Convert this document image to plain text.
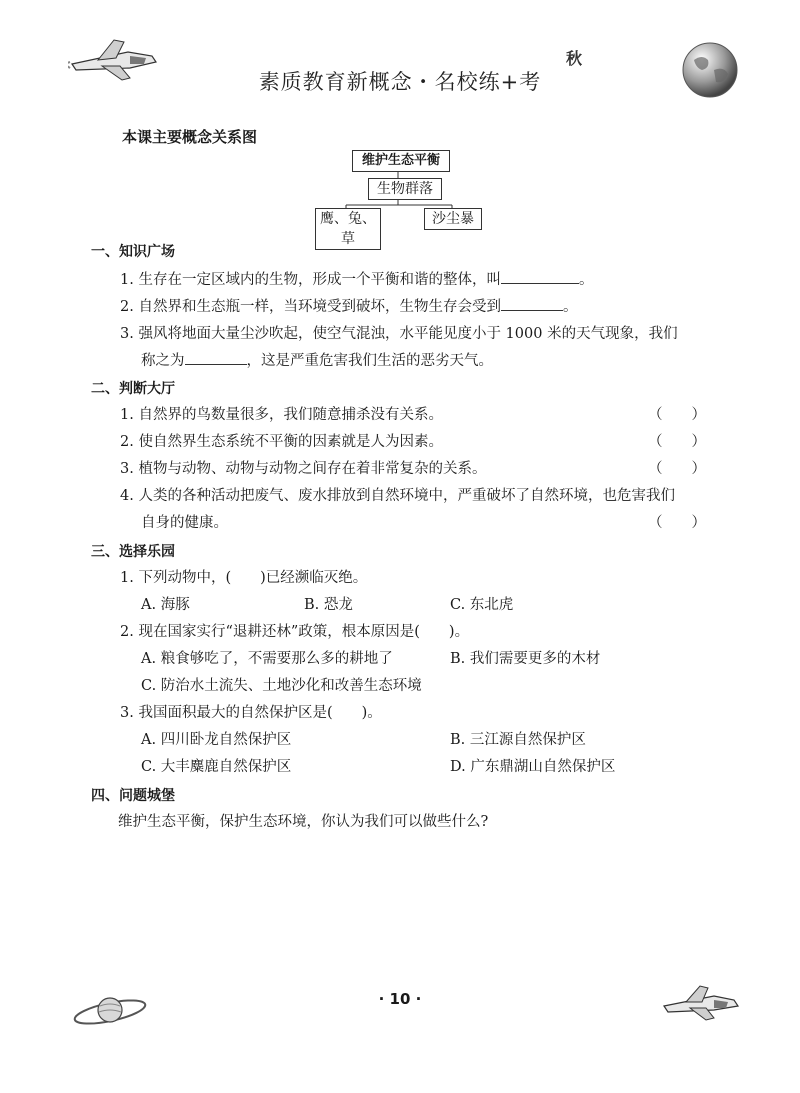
素质教育新概念・名校练+考
秋
本课主要概念关系图
维护生态平衡
生物群落
鹰、兔、草
沙尘暴
一、知识广场
1. 生存在一定区域内的生物，形成一个平衡和谐的整体，叫	。
2. 自然界和生态瓶一样，当环境受到破坏，生物生存会受到	。
3. 强风将地面大量尘沙吹起，使空气混浊，水平能见度小于 1000 米的天气现象，我们
称之为	，这是严重危害我们生活的恶劣天气。
二、判断大厅
1. 自然界的鸟数量很多，我们随意捕杀没有关系。	（　　）
2. 使自然界生态系统不平衡的因素就是人为因素。	（　　）
3. 植物与动物、动物与动物之间存在着非常复杂的关系。	（　　）
4. 人类的各种活动把废气、废水排放到自然环境中，严重破坏了自然环境，也危害我们
自身的健康。	（　　）
三、选择乐园
1. 下列动物中，(　　)已经濒临灭绝。
A. 海豚	B. 恐龙	C. 东北虎
2. 现在国家实行“退耕还林”政策，根本原因是(　　)。
A. 粮食够吃了，不需要那么多的耕地了	B. 我们需要更多的木材
C. 防治水土流失、土地沙化和改善生态环境
3. 我国面积最大的自然保护区是(　　)。
A. 四川卧龙自然保护区	B. 三江源自然保护区
C. 大丰麋鹿自然保护区	D. 广东鼎湖山自然保护区
四、问题城堡
维护生态平衡，保护生态环境，你认为我们可以做些什么?
· 10 ·
